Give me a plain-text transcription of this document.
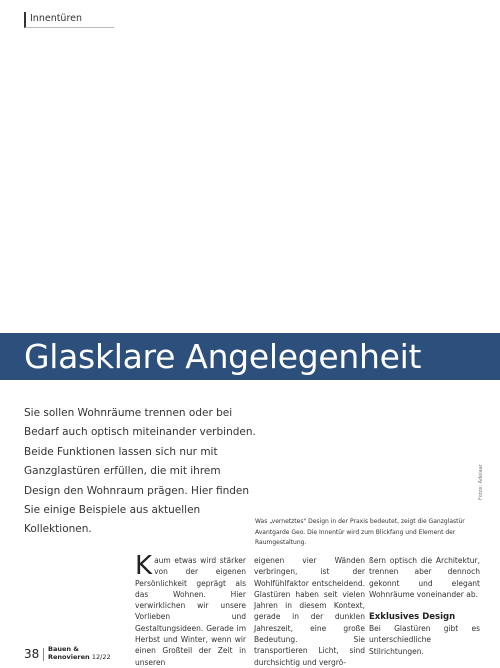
Innentüren
Glasklare Angelegenheit
Sie sollen Wohnräume trennen oder bei Bedarf auch optisch miteinander verbinden. Beide Funktionen lassen sich nur mit Ganzglastüren erfüllen, die mit ihrem Design den Wohnraum prägen. Hier finden Sie einige Beispiele aus aktuellen Kollektionen.
Fotos: Adelaar
Was „vernetztes" Design in der Praxis bedeutet, zeigt die Ganzglastür Avantgarde Geo. Die Innentür wird zum Blickfang und Element der Raumgestaltung.
Kaum etwas wird stärker von der eigenen Persönlichkeit geprägt als das Wohnen. Hier verwirklichen wir unsere Vorlieben und Gestaltungsideen. Gerade im Herbst und Winter, wenn wir einen Großteil der Zeit in unseren
eigenen vier Wänden verbringen, ist der Wohlfühlfaktor entscheidend. Glastüren haben seit vielen Jahren in diesem Kontext, gerade in der dunklen Jahreszeit, eine große Bedeutung. Sie transportieren Licht, sind durchsichtig und vergrö-
ßern optisch die Architektur, trennen aber dennoch gekonnt und elegant Wohnräume voneinander ab.
Exklusives Design
Bei Glastüren gibt es unterschiedliche Stilrichtungen.
38 Bauen &
Renovieren 12/22
